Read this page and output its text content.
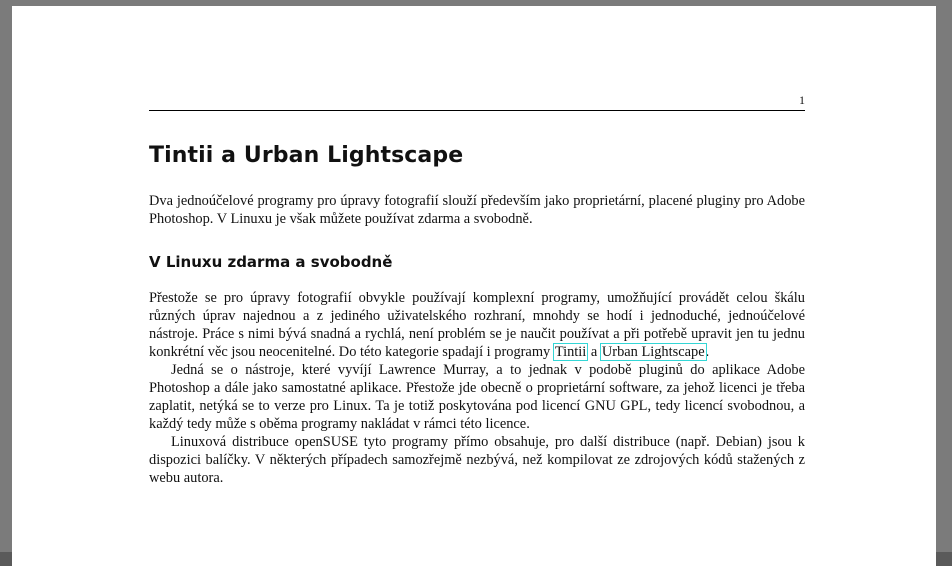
1
Tintii a Urban Lightscape

Dva jednoúčelové programy pro úpravy fotografií slouží především jako proprietární, placené pluginy pro Adobe Photoshop. V Linuxu je však můžete používat zdarma a svobodně.

V Linuxu zdarma a svobodně

Přestože se pro úpravy fotografií obvykle používají komplexní programy, umožňující provádět celou škálu různých úprav najednou a z jediného uživatelského rozhraní, mnohdy se hodí i jednoduché, jednoúčelové nástroje. Práce s nimi bývá snadná a rychlá, není problém se je naučit používat a při potřebě upravit jen tu jednu konkrétní věc jsou neocenitelné. Do této kategorie spadají i programy Tintii a Urban Lightscape.

Jedná se o nástroje, které vyvíjí Lawrence Murray, a to jednak v podobě pluginů do aplikace Adobe Photoshop a dále jako samostatné aplikace. Přestože jde obecně o proprietární software, za jehož licenci je třeba zaplatit, netýká se to verze pro Linux. Ta je totiž poskytována pod licencí GNU GPL, tedy licencí svobodnou, a každý tedy může s oběma programy nakládat v rámci této licence.

Linuxová distribuce openSUSE tyto programy přímo obsahuje, pro další distribuce (např. Debian) jsou k dispozici balíčky. V některých případech samozřejmě nezbývá, než kompilovat ze zdrojových kódů stažených z webu autora.
